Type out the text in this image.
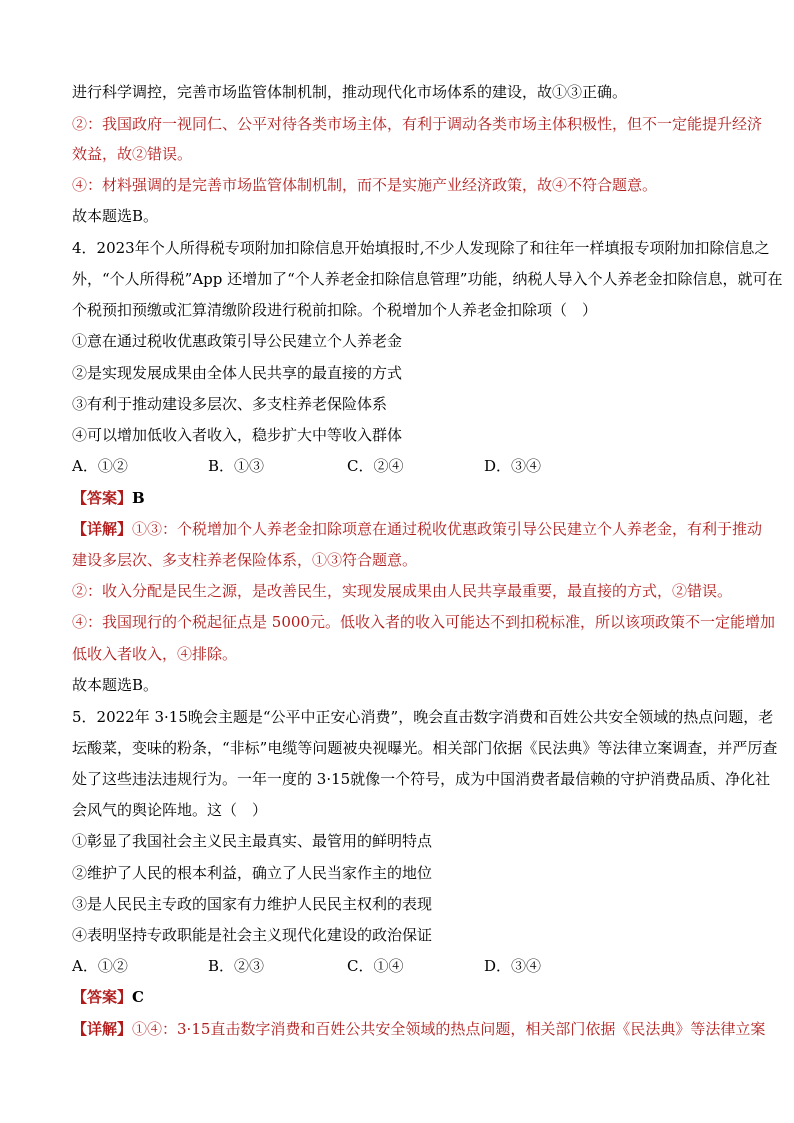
进行科学调控，完善市场监管体制机制，推动现代化市场体系的建设，故①③正确。
②：我国政府一视同仁、公平对待各类市场主体，有利于调动各类市场主体积极性，但不一定能提升经济
效益，故②错误。
④：材料强调的是完善市场监管体制机制，而不是实施产业经济政策，故④不符合题意。
故本题选B。
4．2023年个人所得税专项附加扣除信息开始填报时,不少人发现除了和往年一样填报专项附加扣除信息之
外，“个人所得税”App 还增加了“个人养老金扣除信息管理”功能，纳税人导入个人养老金扣除信息，就可在
个税预扣预缴或汇算清缴阶段进行税前扣除。个税增加个人养老金扣除项（　）
①意在通过税收优惠政策引导公民建立个人养老金
②是实现发展成果由全体人民共享的最直接的方式
③有利于推动建设多层次、多支柱养老保险体系
④可以增加低收入者收入，稳步扩大中等收入群体
A．①②	B．①③	C．②④	D．③④
【答案】B
【详解】①③：个税增加个人养老金扣除项意在通过税收优惠政策引导公民建立个人养老金，有利于推动
建设多层次、多支柱养老保险体系，①③符合题意。
②：收入分配是民生之源，是改善民生，实现发展成果由人民共享最重要，最直接的方式，②错误。
④：我国现行的个税起征点是 5000元。低收入者的收入可能达不到扣税标准，所以该项政策不一定能增加
低收入者收入，④排除。
故本题选B。
5．2022年 3·15晚会主题是“公平中正安心消费”，晚会直击数字消费和百姓公共安全领域的热点问题，老
坛酸菜，变味的粉条，“非标”电缆等问题被央视曝光。相关部门依据《民法典》等法律立案调查，并严厉查
处了这些违法违规行为。一年一度的 3·15就像一个符号，成为中国消费者最信赖的守护消费品质、净化社
会风气的舆论阵地。这（　）
①彰显了我国社会主义民主最真实、最管用的鲜明特点
②维护了人民的根本利益，确立了人民当家作主的地位
③是人民民主专政的国家有力维护人民民主权利的表现
④表明坚持专政职能是社会主义现代化建设的政治保证
A．①②	B．②③	C．①④	D．③④
【答案】C
【详解】①④：3·15直击数字消费和百姓公共安全领域的热点问题，相关部门依据《民法典》等法律立案
